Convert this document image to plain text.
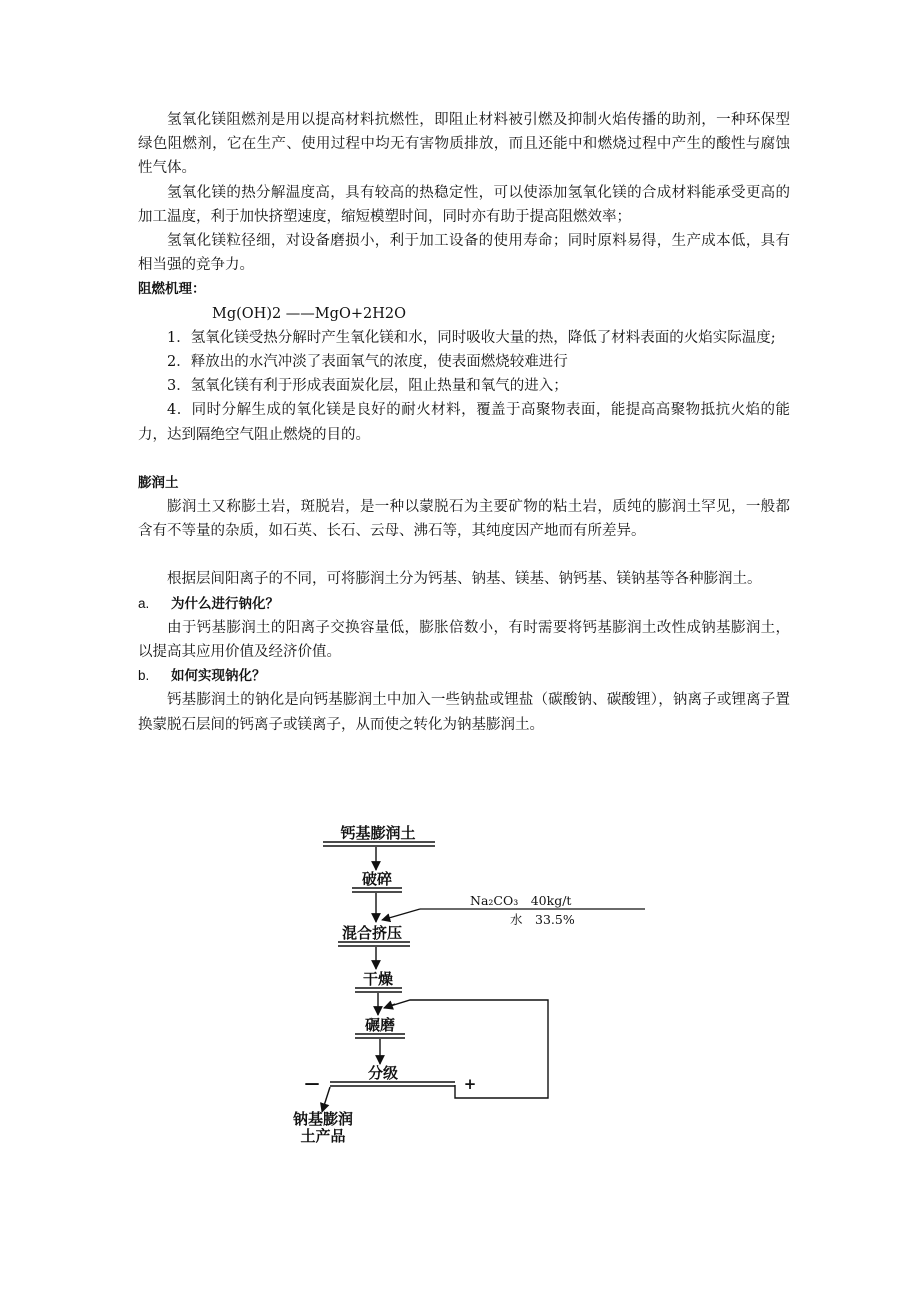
氢氧化镁阻燃剂是用以提高材料抗燃性，即阻止材料被引燃及抑制火焰传播的助剂，一种环保型绿色阻燃剂，它在生产、使用过程中均无有害物质排放，而且还能中和燃烧过程中产生的酸性与腐蚀性气体。

氢氧化镁的热分解温度高，具有较高的热稳定性，可以使添加氢氧化镁的合成材料能承受更高的加工温度，利于加快挤塑速度，缩短模塑时间，同时亦有助于提高阻燃效率；

氢氧化镁粒径细，对设备磨损小，利于加工设备的使用寿命；同时原料易得，生产成本低，具有相当强的竞争力。

阻燃机理：

Mg(OH)2 ——MgO+2H2O

1．氢氧化镁受热分解时产生氧化镁和水，同时吸收大量的热，降低了材料表面的火焰实际温度;

2．释放出的水汽冲淡了表面氧气的浓度，使表面燃烧较难进行

3．氢氧化镁有利于形成表面炭化层，阻止热量和氧气的进入；

4．同时分解生成的氧化镁是良好的耐火材料，覆盖于高聚物表面，能提高高聚物抵抗火焰的能力，达到隔绝空气阻止燃烧的目的。

膨润土

膨润土又称膨土岩，斑脱岩，是一种以蒙脱石为主要矿物的粘土岩，质纯的膨润土罕见，一般都含有不等量的杂质，如石英、长石、云母、沸石等，其纯度因产地而有所差异。

根据层间阳离子的不同，可将膨润土分为钙基、钠基、镁基、钠钙基、镁钠基等各种膨润土。

a.	为什么进行钠化？

由于钙基膨润土的阳离子交换容量低，膨胀倍数小，有时需要将钙基膨润土改性成钠基膨润土，以提高其应用价值及经济价值。

b.	如何实现钠化？

钙基膨润土的钠化是向钙基膨润土中加入一些钠盐或锂盐（碳酸钠、碳酸锂），钠离子或锂离子置换蒙脱石层间的钙离子或镁离子，从而使之转化为钠基膨润土。

钙基膨润土
破碎
Na₂CO₃　40kg/t
水　33.5%
混合挤压
干燥
碾磨
分级
—	+
钠基膨润
土产品
